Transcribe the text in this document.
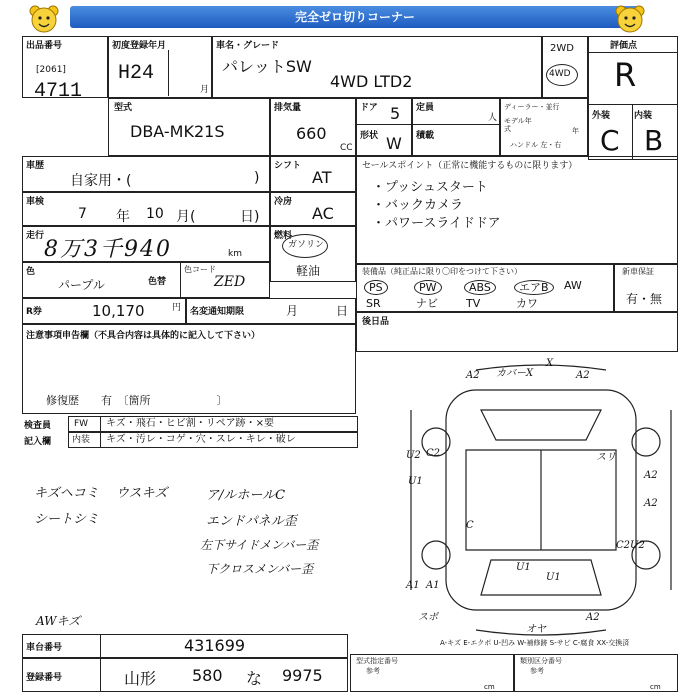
完全ゼロ切りコーナー
出品番号
[2061]
4711
初度登録年月
H24
月
車名・グレード
パレットSW
4WD LTD2
2WD
4WD
評価点
R
外装	内装
C B
型式
DBA-MK21S
排気量
660
CC
ドア 5
形状 W
定員
人
積載
ディーラー・並行
モデル年式	年
ハンドル 左・右
車歴
自家用・(	)
シフト
AT
車検
7 年 10 月(	日)
冷房
AC
走行
8万3千940	km
燃料
ガソリン
軽油
色
パープル	色替
色コード
ZED
R券	10,170	円 名変通知期限	月	日
セールスポイント（正常に機能するものに限ります）
・プッシュスタート
・バックカメラ
・パワースライドドア
装備品（純正品に限り〇印をつけて下さい）
PS	PW	ABS	エアB	AW
SR	ナビ	TV	カワ
新車保証
有・無
後日品
注意事項申告欄（不具合内容は具体的に記入して下さい）
修復歴　　有　〔箇所　　　　　　〕
検査員
記入欄
FW キズ・飛石・ヒビ割・リペア跡・×要
内装 キズ・汚レ・コゲ・穴・スレ・キレ・破レ
キズヘコミ
シートシミ
ウスキズ	ア/ルホールC
エンドパネル歪
左下サイドメンバー歪
下クロスメンバー歪
AWキズ
A2 カバーX
X
A2
U2 C2
U1
C
スリ
A2
A2
C2U2
U1
A1
A1
スポ
オヤ
A2
U1
A-キズ E-エクボ U-凹み W-補修跡 S-サビ C-腐食 XX-交換済
車台番号	431699
登録番号	山形 580 な 9975
型式指定番号
参考
cm
類別区分番号
参考
cm
